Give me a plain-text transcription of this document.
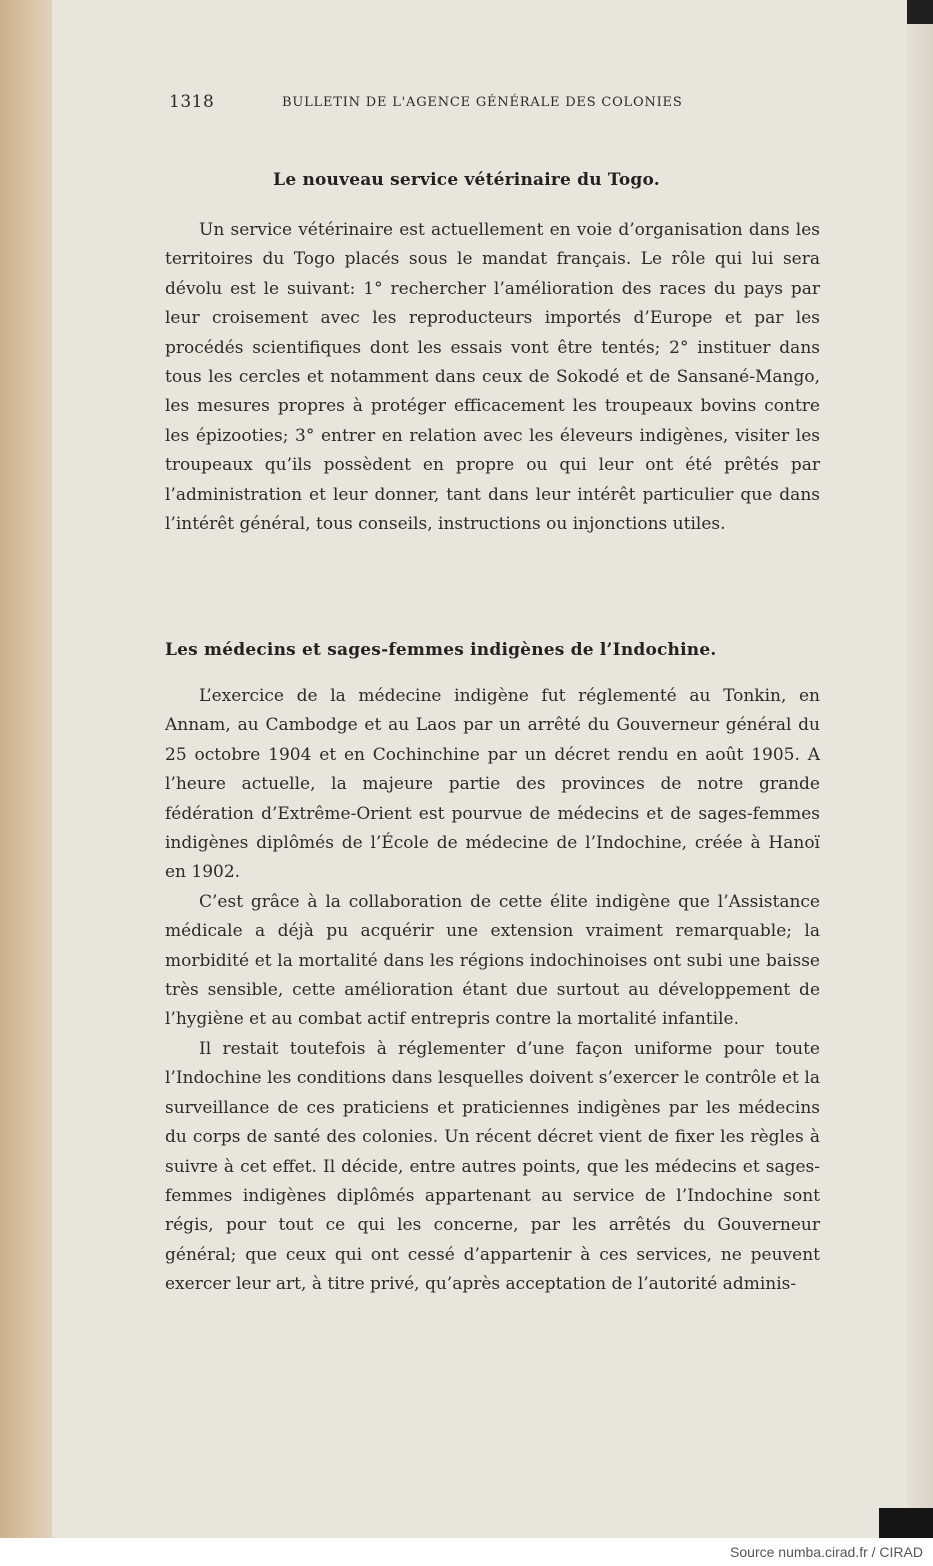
1318	BULLETIN DE L'AGENCE GÉNÉRALE DES COLONIES
Le nouveau service vétérinaire du Togo.

Un service vétérinaire est actuellement en voie d’organisation dans les territoires du Togo placés sous le mandat français. Le rôle qui lui sera dévolu est le suivant: 1° rechercher l’amélioration des races du pays par leur croisement avec les reproducteurs importés d’Europe et par les procédés scientifiques dont les essais vont être tentés; 2° instituer dans tous les cercles et notamment dans ceux de Sokodé et de Sansané-Mango, les mesures propres à protéger efficacement les troupeaux bovins contre les épizooties; 3° entrer en relation avec les éleveurs indigènes, visiter les troupeaux qu’ils possèdent en propre ou qui leur ont été prêtés par l’administration et leur donner, tant dans leur intérêt particulier que dans l’intérêt général, tous conseils, instructions ou injonctions utiles.

Les médecins et sages-femmes indigènes de l’Indochine.

L’exercice de la médecine indigène fut réglementé au Tonkin, en Annam, au Cambodge et au Laos par un arrêté du Gouverneur général du 25 octobre 1904 et en Cochinchine par un décret rendu en août 1905. A l’heure actuelle, la majeure partie des provinces de notre grande fédération d’Extrême-Orient est pourvue de médecins et de sages-femmes indigènes diplômés de l’École de médecine de l’Indochine, créée à Hanoï en 1902.

C’est grâce à la collaboration de cette élite indigène que l’Assistance médicale a déjà pu acquérir une extension vraiment remarquable; la morbidité et la mortalité dans les régions indochinoises ont subi une baisse très sensible, cette amélioration étant due surtout au développement de l’hygiène et au combat actif entrepris contre la mortalité infantile.

Il restait toutefois à réglementer d’une façon uniforme pour toute l’Indochine les conditions dans lesquelles doivent s’exercer le contrôle et la surveillance de ces praticiens et praticiennes indigènes par les médecins du corps de santé des colonies. Un récent décret vient de fixer les règles à suivre à cet effet. Il décide, entre autres points, que les médecins et sages-femmes indigènes diplômés appartenant au service de l’Indochine sont régis, pour tout ce qui les concerne, par les arrêtés du Gouverneur général; que ceux qui ont cessé d’appartenir à ces services, ne peuvent exercer leur art, à titre privé, qu’après acceptation de l’autorité adminis-

Source numba.cirad.fr / CIRAD
